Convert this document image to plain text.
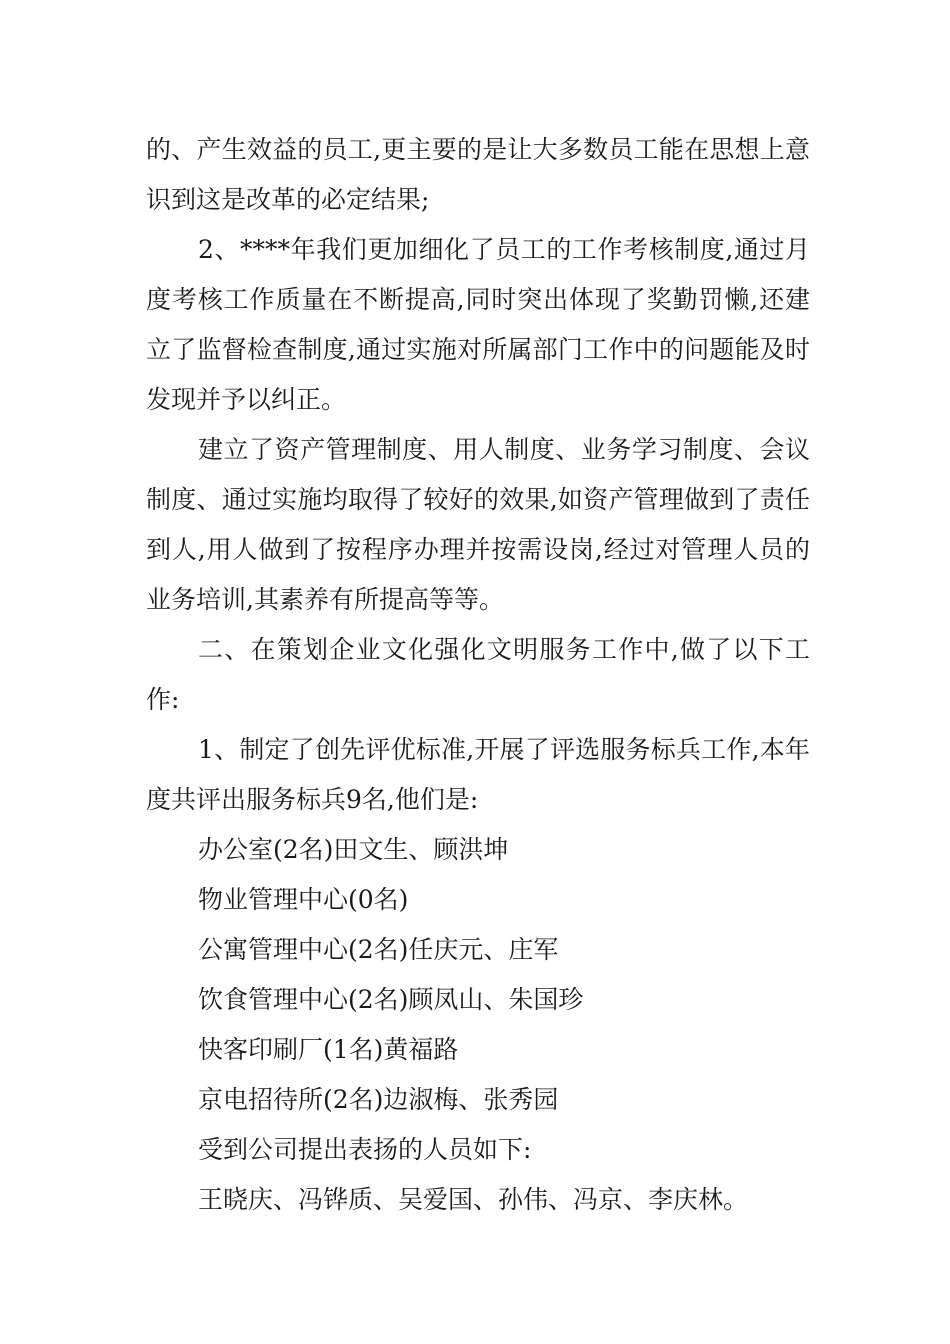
的、产生效益的员工,更主要的是让大多数员工能在思想上意识到这是改革的必定结果;

2、****年我们更加细化了员工的工作考核制度,通过月度考核工作质量在不断提高,同时突出体现了奖勤罚懒,还建立了监督检查制度,通过实施对所属部门工作中的问题能及时发现并予以纠正。

建立了资产管理制度、用人制度、业务学习制度、会议制度、通过实施均取得了较好的效果,如资产管理做到了责任到人,用人做到了按程序办理并按需设岗,经过对管理人员的业务培训,其素养有所提高等等。

二、在策划企业文化强化文明服务工作中,做了以下工作:

1、制定了创先评优标准,开展了评选服务标兵工作,本年度共评出服务标兵9名,他们是:

办公室(2名)田文生、顾洪坤

物业管理中心(0名)

公寓管理中心(2名)任庆元、庄军

饮食管理中心(2名)顾凤山、朱国珍

快客印刷厂(1名)黄福路

京电招待所(2名)边淑梅、张秀园

受到公司提出表扬的人员如下:

王晓庆、冯铧质、吴爱国、孙伟、冯京、李庆林。
